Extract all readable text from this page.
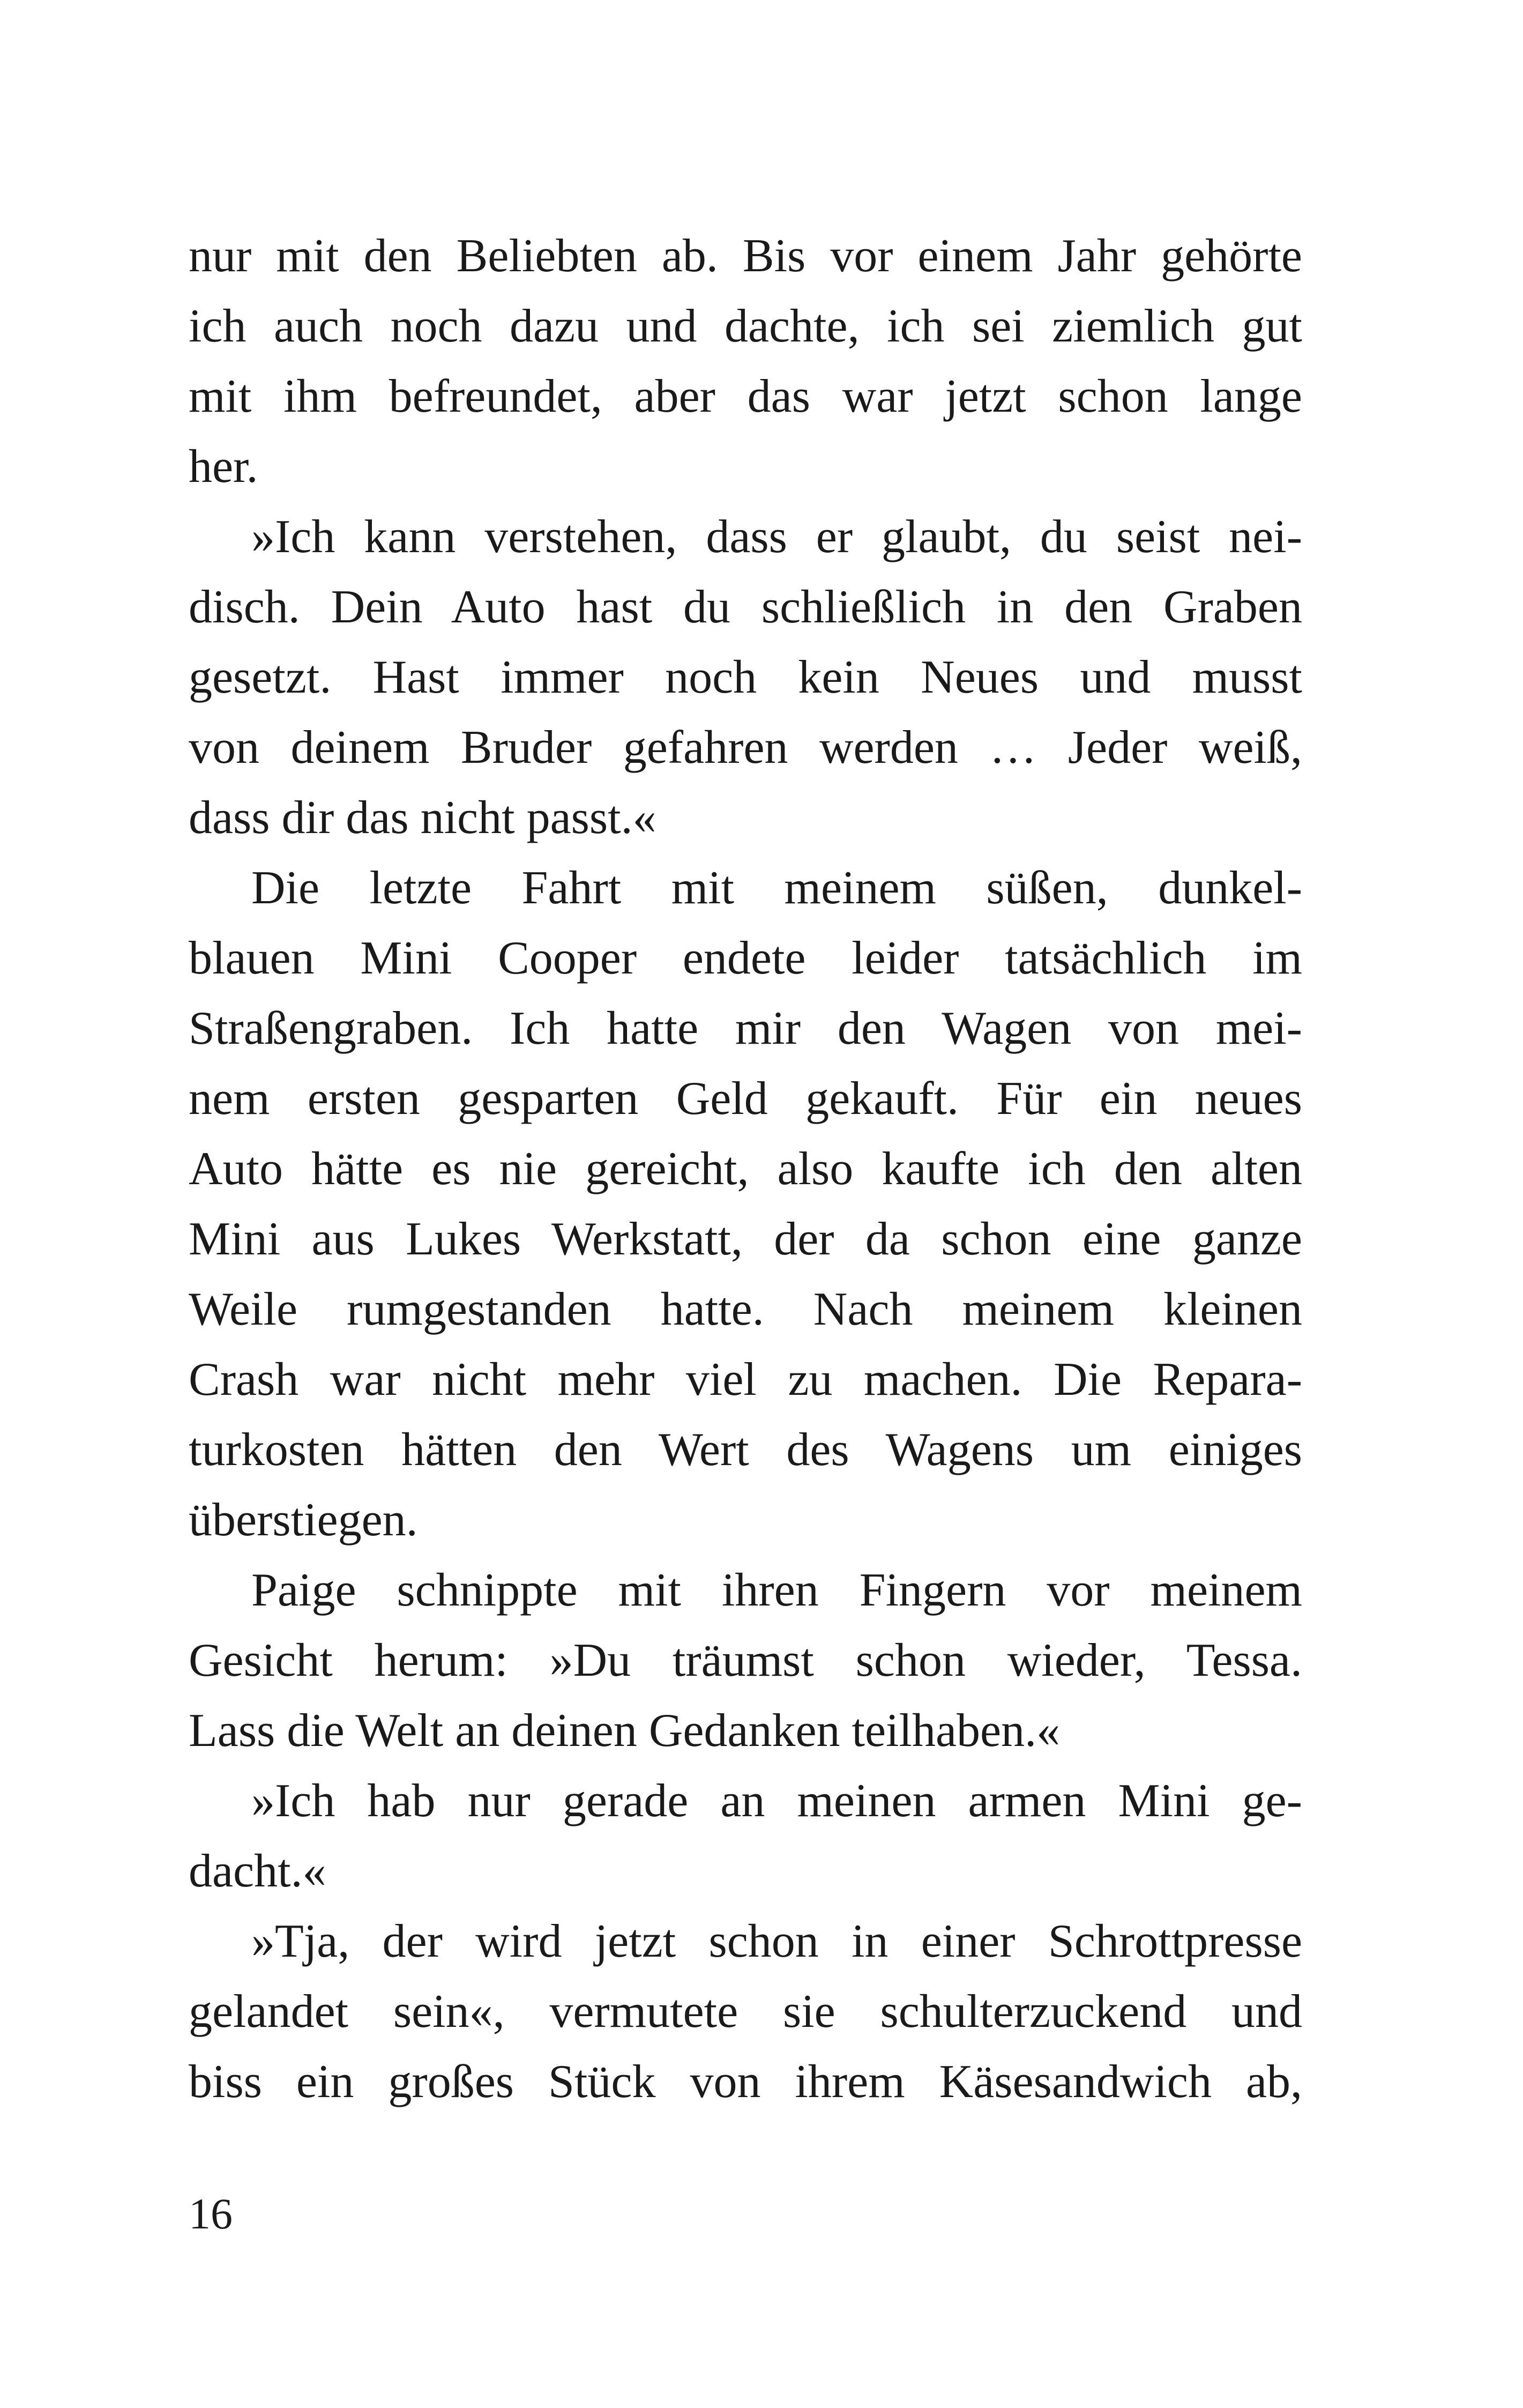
nur mit den Beliebten ab. Bis vor einem Jahr gehörte
ich auch noch dazu und dachte, ich sei ziemlich gut
mit ihm befreundet, aber das war jetzt schon lange
her.
»Ich kann verstehen, dass er glaubt, du seist nei-
disch. Dein Auto hast du schließlich in den Graben
gesetzt. Hast immer noch kein Neues und musst
von deinem Bruder gefahren werden … Jeder weiß,
dass dir das nicht passt.«
Die letzte Fahrt mit meinem süßen, dunkel-
blauen Mini Cooper endete leider tatsächlich im
Straßengraben. Ich hatte mir den Wagen von mei-
nem ersten gesparten Geld gekauft. Für ein neues
Auto hätte es nie gereicht, also kaufte ich den alten
Mini aus Lukes Werkstatt, der da schon eine ganze
Weile rumgestanden hatte. Nach meinem kleinen
Crash war nicht mehr viel zu machen. Die Repara-
turkosten hätten den Wert des Wagens um einiges
überstiegen.
Paige schnippte mit ihren Fingern vor meinem
Gesicht herum: »Du träumst schon wieder, Tessa.
Lass die Welt an deinen Gedanken teilhaben.«
»Ich hab nur gerade an meinen armen Mini ge-
dacht.«
»Tja, der wird jetzt schon in einer Schrottpresse
gelandet sein«, vermutete sie schulterzuckend und
biss ein großes Stück von ihrem Käsesandwich ab,
16
